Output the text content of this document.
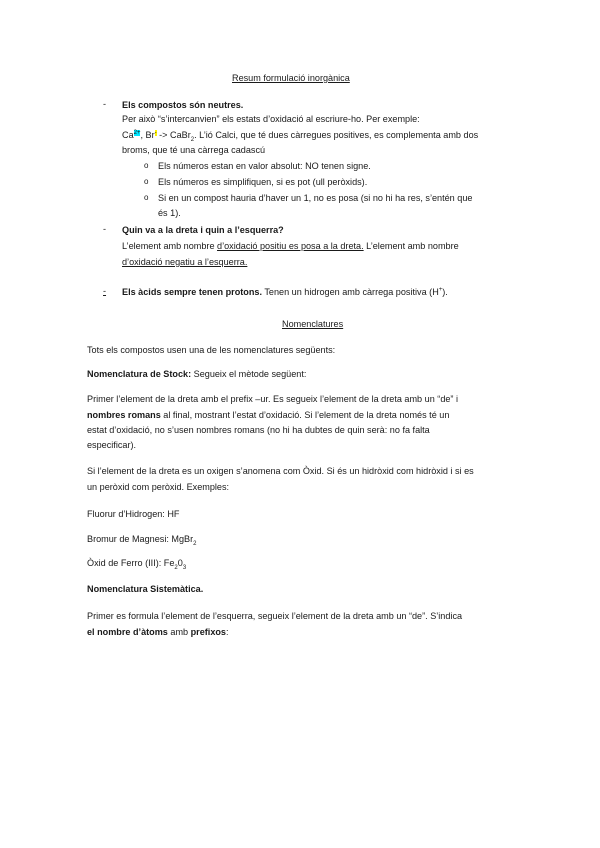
Resum formulació inorgànica
- Els compostos són neutres.
Per això “s’intercanvien” els estats d’oxidació al escriure-ho. Per exemple:
$Ca^{2+}$, Br- -> CaBr$_2$. L’ió Calci, que té dues càrregues positives, es complementa amb dos
broms, que té una càrrega cadascú
o Els números estan en valor absolut: NO tenen signe.
o Els números es simplifiquen, si es pot (ull peròxids).
o Si en un compost hauria d’haver un 1, no es posa (si no hi ha res, s’entén que
és 1).
- Quin va a la dreta i quin a l’esquerra?
L’element amb nombre d’oxidació positiu es posa a la dreta. L’element amb nombre
d’oxidació negatiu a l’esquerra.
-	Els àcids sempre tenen protons. Tenen un hidrogen amb càrrega positiva (H+).
Nomenclatures
Tots els compostos usen una de les nomenclatures següents:
Nomenclatura de Stock: Segueix el mètode següent:
Primer l’element de la dreta amb el prefix –ur. Es segueix l’element de la dreta amb un “de” i
nombres romans al final, mostrant l’estat d’oxidació. Si l’element de la dreta només té un
estat d’oxidació, no s’usen nombres romans (no hi ha dubtes de quin serà: no fa falta
especificar).
Si l’element de la dreta es un oxigen s’anomena com Òxid. Si és un hidròxid com hidròxid i si es
un peròxid com peròxid. Exemples:
Fluorur d’Hidrogen: HF
Bromur de Magnesi: MgBr$_2$
Òxid de Ferro (III): $Fe_20_3$
Nomenclatura Sistemàtica.
Primer es formula l’element de l’esquerra, segueix l’element de la dreta amb un “de”. S’indica
el nombre d’àtoms amb prefixos:
